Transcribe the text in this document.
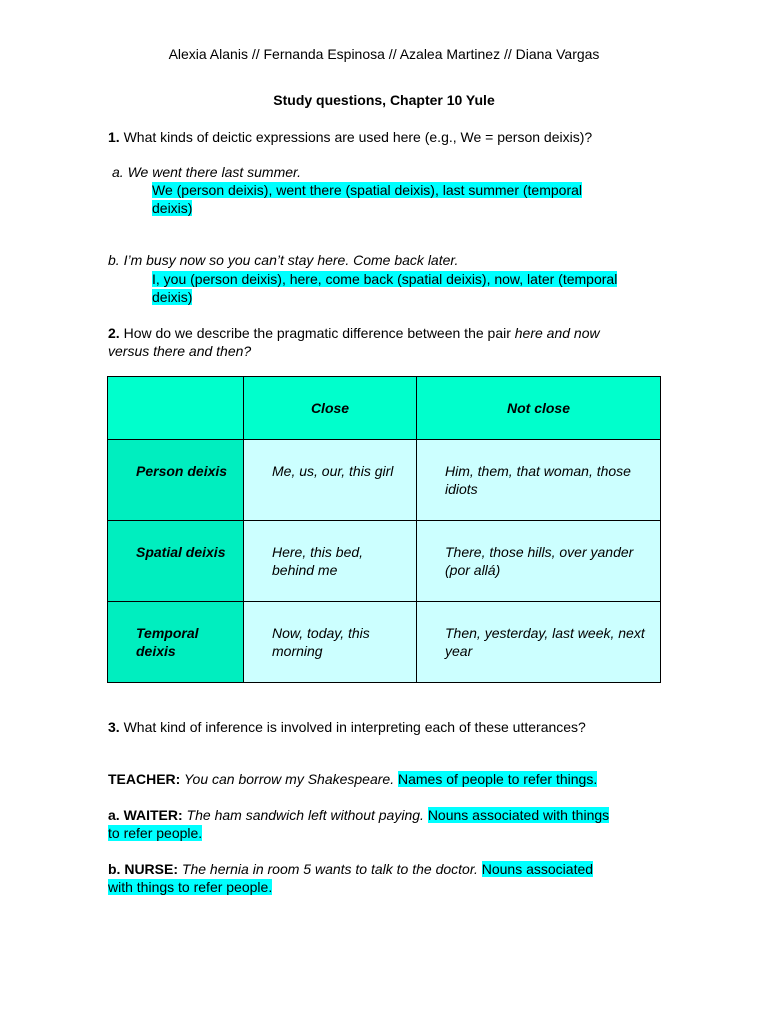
Alexia Alanis // Fernanda Espinosa // Azalea Martinez // Diana Vargas
Study questions, Chapter 10 Yule
1. What kinds of deictic expressions are used here (e.g., We = person deixis)?
a. We went there last summer.
We (person deixis), went there (spatial deixis), last summer (temporal
deixis)
b. I’m busy now so you can’t stay here. Come back later.
I, you (person deixis), here, come back (spatial deixis), now, later (temporal
deixis)
2. How do we describe the pragmatic difference between the pair here and now
versus there and then?

	Close	Not close

Person deixis	Me, us, our, this girl	Him, them, that woman, those idiots

Spatial deixis	Here, this bed, behind me	There, those hills, over yander (por allá)

Temporal deixis	Now, today, this morning	Then, yesterday, last week, next year
3. What kind of inference is involved in interpreting each of these utterances?
TEACHER: You can borrow my Shakespeare. Names of people to refer things.
a. WAITER: The ham sandwich left without paying. Nouns associated with things
to refer people.
b. NURSE: The hernia in room 5 wants to talk to the doctor. Nouns associated
with things to refer people.
